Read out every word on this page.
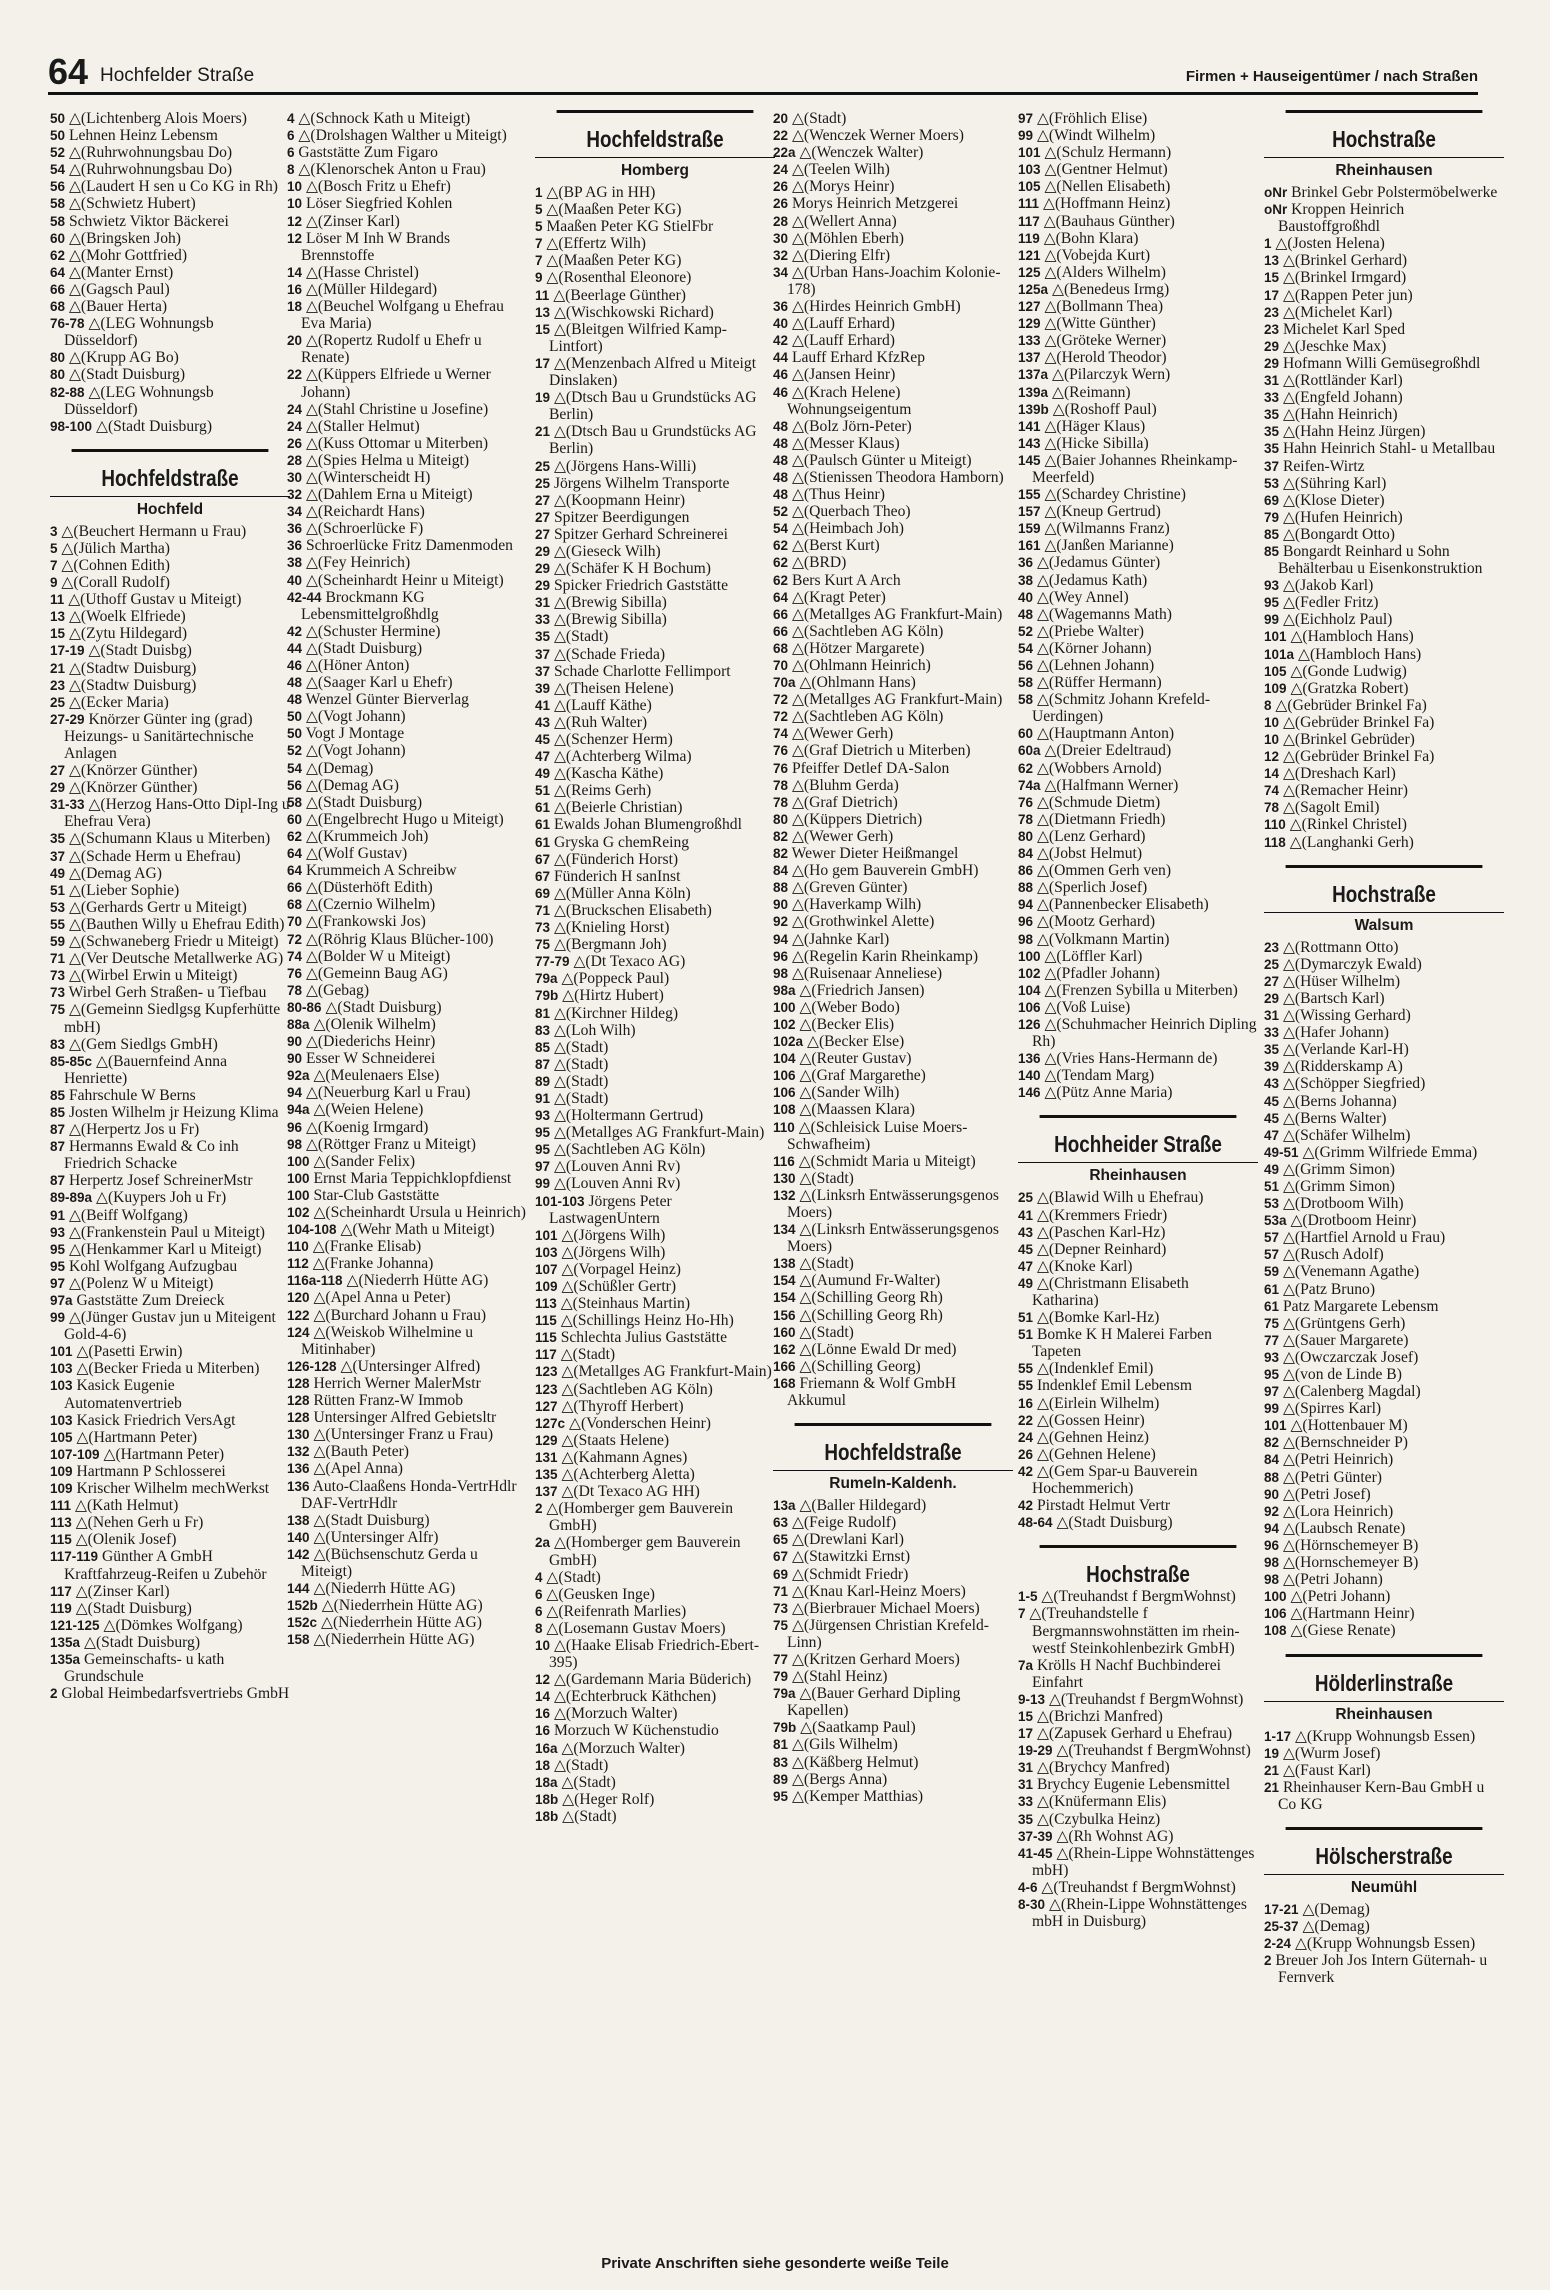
64 Hochfelder Straße	Firmen + Hauseigentümer / nach Straßen
50 △(Lichtenberg Alois Moers)
50 Lehnen Heinz Lebensm
52 △(Ruhrwohnungsbau Do)
54 △(Ruhrwohnungsbau Do)
56 △(Laudert H sen u Co KG in Rh)
58 △(Schwietz Hubert)
58 Schwietz Viktor Bäckerei
60 △(Bringsken Joh)
62 △(Mohr Gottfried)
64 △(Manter Ernst)
66 △(Gagsch Paul)
68 △(Bauer Herta)
76-78 △(LEG Wohnungsb Düsseldorf)
80 △(Krupp AG Bo)
80 △(Stadt Duisburg)
82-88 △(LEG Wohnungsb Düsseldorf)
98-100 △(Stadt Duisburg)
Hochfeldstraße
Hochfeld
3 △(Beuchert Hermann u Frau)
5 △(Jülich Martha)
7 △(Cohnen Edith)
9 △(Corall Rudolf)
11 △(Uthoff Gustav u Miteigt)
13 △(Woelk Elfriede)
15 △(Zytu Hildegard)
17-19 △(Stadt Duisbg)
21 △(Stadtw Duisburg)
23 △(Stadtw Duisburg)
25 △(Ecker Maria)
27-29 Knörzer Günter ing (grad) Heizungs- u Sanitärtechnische Anlagen
27 △(Knörzer Günther)
29 △(Knörzer Günther)
31-33 △(Herzog Hans-Otto Dipl-Ing u Ehefrau Vera)
35 △(Schumann Klaus u Miterben)
37 △(Schade Herm u Ehefrau)
49 △(Demag AG)
51 △(Lieber Sophie)
53 △(Gerhards Gertr u Miteigt)
55 △(Bauthen Willy u Ehefrau Edith)
59 △(Schwaneberg Friedr u Miteigt)
71 △(Ver Deutsche Metallwerke AG)
73 △(Wirbel Erwin u Miteigt)
73 Wirbel Gerh Straßen- u Tiefbau
75 △(Gemeinn Siedlgsg Kupferhütte mbH)
83 △(Gem Siedlgs GmbH)
85-85c △(Bauernfeind Anna Henriette)
85 Fahrschule W Berns
85 Josten Wilhelm jr Heizung Klima
87 △(Herpertz Jos u Fr)
87 Hermanns Ewald & Co inh Friedrich Schacke
87 Herpertz Josef SchreinerMstr
89-89a △(Kuypers Joh u Fr)
91 △(Beiff Wolfgang)
93 △(Frankenstein Paul u Miteigt)
95 △(Henkammer Karl u Miteigt)
95 Kohl Wolfgang Aufzugbau
97 △(Polenz W u Miteigt)
97a Gaststätte Zum Dreieck
99 △(Jünger Gustav jun u Miteigent Gold-4-6)
101 △(Pasetti Erwin)
103 △(Becker Frieda u Miterben)
103 Kasick Eugenie Automatenvertrieb
103 Kasick Friedrich VersAgt
105 △(Hartmann Peter)
107-109 △(Hartmann Peter)
109 Hartmann P Schlosserei
109 Krischer Wilhelm mechWerkst
111 △(Kath Helmut)
113 △(Nehen Gerh u Fr)
115 △(Olenik Josef)
117-119 Günther A GmbH Kraftfahrzeug-Reifen u Zubehör
117 △(Zinser Karl)
119 △(Stadt Duisburg)
121-125 △(Dömkes Wolfgang)
135a △(Stadt Duisburg)
135a Gemeinschafts- u kath Grundschule
2 Global Heimbedarfsvertriebs GmbH
4 △(Schnock Kath u Miteigt)
6 △(Drolshagen Walther u Miteigt)
6 Gaststätte Zum Figaro
8 △(Klenorschek Anton u Frau)
10 △(Bosch Fritz u Ehefr)
10 Löser Siegfried Kohlen
12 △(Zinser Karl)
12 Löser M Inh W Brands Brennstoffe
14 △(Hasse Christel)
16 △(Müller Hildegard)
18 △(Beuchel Wolfgang u Ehefrau Eva Maria)
20 △(Ropertz Rudolf u Ehefr u Renate)
22 △(Küppers Elfriede u Werner Johann)
24 △(Stahl Christine u Josefine)
24 △(Staller Helmut)
26 △(Kuss Ottomar u Miterben)
28 △(Spies Helma u Miteigt)
30 △(Winterscheidt H)
32 △(Dahlem Erna u Miteigt)
34 △(Reichardt Hans)
36 △(Schroerlücke F)
36 Schroerlücke Fritz Damenmoden
38 △(Fey Heinrich)
40 △(Scheinhardt Heinr u Miteigt)
42-44 Brockmann KG Lebensmittelgroßhdlg
42 △(Schuster Hermine)
44 △(Stadt Duisburg)
46 △(Höner Anton)
48 △(Saager Karl u Ehefr)
48 Wenzel Günter Bierverlag
50 △(Vogt Johann)
50 Vogt J Montage
52 △(Vogt Johann)
54 △(Demag)
56 △(Demag AG)
58 △(Stadt Duisburg)
60 △(Engelbrecht Hugo u Miteigt)
62 △(Krummeich Joh)
64 △(Wolf Gustav)
64 Krummeich A Schreibw
66 △(Düsterhöft Edith)
68 △(Czernio Wilhelm)
70 △(Frankowski Jos)
72 △(Röhrig Klaus Blücher-100)
74 △(Bolder W u Miteigt)
76 △(Gemeinn Baug AG)
78 △(Gebag)
80-86 △(Stadt Duisburg)
88a △(Olenik Wilhelm)
90 △(Diederichs Heinr)
90 Esser W Schneiderei
92a △(Meulenaers Else)
94 △(Neuerburg Karl u Frau)
94a △(Weien Helene)
96 △(Koenig Irmgard)
98 △(Röttger Franz u Miteigt)
100 △(Sander Felix)
100 Ernst Maria Teppichklopfdienst
100 Star-Club Gaststätte
102 △(Scheinhardt Ursula u Heinrich)
104-108 △(Wehr Math u Miteigt)
110 △(Franke Elisab)
112 △(Franke Johanna)
116a-118 △(Niederrh Hütte AG)
120 △(Apel Anna u Peter)
122 △(Burchard Johann u Frau)
124 △(Weiskob Wilhelmine u Mitinhaber)
126-128 △(Untersinger Alfred)
128 Herrich Werner MalerMstr
128 Rütten Franz-W Immob
128 Untersinger Alfred Gebietsltr
130 △(Untersinger Franz u Frau)
132 △(Bauth Peter)
136 △(Apel Anna)
136 Auto-Claaßens Honda-VertrHdlr DAF-VertrHdlr
138 △(Stadt Duisburg)
140 △(Untersinger Alfr)
142 △(Büchsenschutz Gerda u Miteigt)
144 △(Niederrh Hütte AG)
152b △(Niederrhein Hütte AG)
152c △(Niederrhein Hütte AG)
158 △(Niederrhein Hütte AG)
Hochfeldstraße
Homberg
1 △(BP AG in HH)
5 △(Maaßen Peter KG)
5 Maaßen Peter KG StielFbr
7 △(Effertz Wilh)
7 △(Maaßen Peter KG)
9 △(Rosenthal Eleonore)
11 △(Beerlage Günther)
13 △(Wischkowski Richard)
15 △(Bleitgen Wilfried Kamp-Lintfort)
17 △(Menzenbach Alfred u Miteigt Dinslaken)
19 △(Dtsch Bau u Grundstücks AG Berlin)
21 △(Dtsch Bau u Grundstücks AG Berlin)
25 △(Jörgens Hans-Willi)
25 Jörgens Wilhelm Transporte
27 △(Koopmann Heinr)
27 Spitzer Beerdigungen
27 Spitzer Gerhard Schreinerei
29 △(Gieseck Wilh)
29 △(Schäfer K H Bochum)
29 Spicker Friedrich Gaststätte
31 △(Brewig Sibilla)
33 △(Brewig Sibilla)
35 △(Stadt)
37 △(Schade Frieda)
37 Schade Charlotte Fellimport
39 △(Theisen Helene)
41 △(Lauff Käthe)
43 △(Ruh Walter)
45 △(Schenzer Herm)
47 △(Achterberg Wilma)
49 △(Kascha Käthe)
51 △(Reims Gerh)
61 △(Beierle Christian)
61 Ewalds Johan Blumengroßhdl
61 Gryska G chemReing
67 △(Fünderich Horst)
67 Fünderich H sanInst
69 △(Müller Anna Köln)
71 △(Bruckschen Elisabeth)
73 △(Knieling Horst)
75 △(Bergmann Joh)
77-79 △(Dt Texaco AG)
79a △(Poppeck Paul)
79b △(Hirtz Hubert)
81 △(Kirchner Hildeg)
83 △(Loh Wilh)
85 △(Stadt)
87 △(Stadt)
89 △(Stadt)
91 △(Stadt)
93 △(Holtermann Gertrud)
95 △(Metallges AG Frankfurt-Main)
95 △(Sachtleben AG Köln)
97 △(Louven Anni Rv)
99 △(Louven Anni Rv)
101-103 Jörgens Peter LastwagenUntern
101 △(Jörgens Wilh)
103 △(Jörgens Wilh)
107 △(Vorpagel Heinz)
109 △(Schüßler Gertr)
113 △(Steinhaus Martin)
115 △(Schillings Heinz Ho-Hh)
115 Schlechta Julius Gaststätte
117 △(Stadt)
123 △(Metallges AG Frankfurt-Main)
123 △(Sachtleben AG Köln)
127 △(Thyroff Herbert)
127c △(Vonderschen Heinr)
129 △(Staats Helene)
131 △(Kahmann Agnes)
135 △(Achterberg Aletta)
137 △(Dt Texaco AG HH)
2 △(Homberger gem Bauverein GmbH)
2a △(Homberger gem Bauverein GmbH)
4 △(Stadt)
6 △(Geusken Inge)
6 △(Reifenrath Marlies)
8 △(Losemann Gustav Moers)
10 △(Haake Elisab Friedrich-Ebert-395)
12 △(Gardemann Maria Büderich)
14 △(Echterbruck Käthchen)
16 △(Morzuch Walter)
16 Morzuch W Küchenstudio
16a △(Morzuch Walter)
18 △(Stadt)
18a △(Stadt)
18b △(Heger Rolf)
18b △(Stadt)
20 △(Stadt)
22 △(Wenczek Werner Moers)
22a △(Wenczek Walter)
24 △(Teelen Wilh)
26 △(Morys Heinr)
26 Morys Heinrich Metzgerei
28 △(Wellert Anna)
30 △(Möhlen Eberh)
32 △(Diering Elfr)
34 △(Urban Hans-Joachim Kolonie-178)
36 △(Hirdes Heinrich GmbH)
40 △(Lauff Erhard)
42 △(Lauff Erhard)
44 Lauff Erhard KfzRep
46 △(Jansen Heinr)
46 △(Krach Helene) Wohnungseigentum
48 △(Bolz Jörn-Peter)
48 △(Messer Klaus)
48 △(Paulsch Günter u Miteigt)
48 △(Stienissen Theodora Hamborn)
48 △(Thus Heinr)
52 △(Querbach Theo)
54 △(Heimbach Joh)
62 △(Berst Kurt)
62 △(BRD)
62 Bers Kurt A Arch
64 △(Kragt Peter)
66 △(Metallges AG Frankfurt-Main)
66 △(Sachtleben AG Köln)
68 △(Hötzer Margarete)
70 △(Ohlmann Heinrich)
70a △(Ohlmann Hans)
72 △(Metallges AG Frankfurt-Main)
72 △(Sachtleben AG Köln)
74 △(Wewer Gerh)
76 △(Graf Dietrich u Miterben)
76 Pfeiffer Detlef DA-Salon
78 △(Bluhm Gerda)
78 △(Graf Dietrich)
80 △(Küppers Dietrich)
82 △(Wewer Gerh)
82 Wewer Dieter Heißmangel
84 △(Ho gem Bauverein GmbH)
88 △(Greven Günter)
90 △(Haverkamp Wilh)
92 △(Grothwinkel Alette)
94 △(Jahnke Karl)
96 △(Regelin Karin Rheinkamp)
98 △(Ruisenaar Anneliese)
98a △(Friedrich Jansen)
100 △(Weber Bodo)
102 △(Becker Elis)
102a △(Becker Else)
104 △(Reuter Gustav)
106 △(Graf Margarethe)
106 △(Sander Wilh)
108 △(Maassen Klara)
110 △(Schleisick Luise Moers-Schwafheim)
116 △(Schmidt Maria u Miteigt)
130 △(Stadt)
132 △(Linksrh Entwässerungsgenos Moers)
134 △(Linksrh Entwässerungsgenos Moers)
138 △(Stadt)
154 △(Aumund Fr-Walter)
154 △(Schilling Georg Rh)
156 △(Schilling Georg Rh)
160 △(Stadt)
162 △(Lönne Ewald Dr med)
166 △(Schilling Georg)
168 Friemann & Wolf GmbH Akkumul
Hochfeldstraße
Rumeln-Kaldenh.
13a △(Baller Hildegard)
63 △(Feige Rudolf)
65 △(Drewlani Karl)
67 △(Stawitzki Ernst)
69 △(Schmidt Friedr)
71 △(Knau Karl-Heinz Moers)
73 △(Bierbrauer Michael Moers)
75 △(Jürgensen Christian Krefeld-Linn)
77 △(Kritzen Gerhard Moers)
79 △(Stahl Heinz)
79a △(Bauer Gerhard Dipling Kapellen)
79b △(Saatkamp Paul)
81 △(Gils Wilhelm)
83 △(Käßberg Helmut)
89 △(Bergs Anna)
95 △(Kemper Matthias)
97 △(Fröhlich Elise)
99 △(Windt Wilhelm)
101 △(Schulz Hermann)
103 △(Gentner Helmut)
105 △(Nellen Elisabeth)
111 △(Hoffmann Heinz)
117 △(Bauhaus Günther)
119 △(Bohn Klara)
121 △(Vobejda Kurt)
125 △(Alders Wilhelm)
125a △(Benedeus Irmg)
127 △(Bollmann Thea)
129 △(Witte Günther)
133 △(Gröteke Werner)
137 △(Herold Theodor)
137a △(Pilarczyk Wern)
139a △(Reimann)
139b △(Roshoff Paul)
141 △(Häger Klaus)
143 △(Hicke Sibilla)
145 △(Baier Johannes Rheinkamp-Meerfeld)
155 △(Schardey Christine)
157 △(Kneup Gertrud)
159 △(Wilmanns Franz)
161 △(Janßen Marianne)
36 △(Jedamus Günter)
38 △(Jedamus Kath)
40 △(Wey Annel)
48 △(Wagemanns Math)
52 △(Priebe Walter)
54 △(Körner Johann)
56 △(Lehnen Johann)
58 △(Rüffer Hermann)
58 △(Schmitz Johann Krefeld-Uerdingen)
60 △(Hauptmann Anton)
60a △(Dreier Edeltraud)
62 △(Wobbers Arnold)
74a △(Halfmann Werner)
76 △(Schmude Dietm)
78 △(Dietmann Friedh)
80 △(Lenz Gerhard)
84 △(Jobst Helmut)
86 △(Ommen Gerh ven)
88 △(Sperlich Josef)
94 △(Pannenbecker Elisabeth)
96 △(Mootz Gerhard)
98 △(Volkmann Martin)
100 △(Löffler Karl)
102 △(Pfadler Johann)
104 △(Frenzen Sybilla u Miterben)
106 △(Voß Luise)
126 △(Schuhmacher Heinrich Dipling Rh)
136 △(Vries Hans-Hermann de)
140 △(Tendam Marg)
146 △(Pütz Anne Maria)
Hochheider Straße
Rheinhausen
25 △(Blawid Wilh u Ehefrau)
41 △(Kremmers Friedr)
43 △(Paschen Karl-Hz)
45 △(Depner Reinhard)
47 △(Knoke Karl)
49 △(Christmann Elisabeth Katharina)
51 △(Bomke Karl-Hz)
51 Bomke K H Malerei Farben Tapeten
55 △(Indenklef Emil)
55 Indenklef Emil Lebensm
16 △(Eirlein Wilhelm)
22 △(Gossen Heinr)
24 △(Gehnen Heinz)
26 △(Gehnen Helene)
42 △(Gem Spar-u Bauverein Hochemmerich)
42 Pirstadt Helmut Vertr
48-64 △(Stadt Duisburg)
Hochstraße
1-5 △(Treuhandst f BergmWohnst)
7 △(Treuhandstelle f Bergmannswohnstätten im rhein-westf Steinkohlenbezirk GmbH)
7a Krölls H Nachf Buchbinderei Einfahrt
9-13 △(Treuhandst f BergmWohnst)
15 △(Brichzi Manfred)
17 △(Zapusek Gerhard u Ehefrau)
19-29 △(Treuhandst f BergmWohnst)
31 △(Brychcy Manfred)
31 Brychcy Eugenie Lebensmittel
33 △(Knüfermann Elis)
35 △(Czybulka Heinz)
37-39 △(Rh Wohnst AG)
41-45 △(Rhein-Lippe Wohnstättenges mbH)
4-6 △(Treuhandst f BergmWohnst)
8-30 △(Rhein-Lippe Wohnstättenges mbH in Duisburg)
Hochstraße
Rheinhausen
oNr Brinkel Gebr Polstermöbelwerke
oNr Kroppen Heinrich Baustoffgroßhdl
1 △(Josten Helena)
13 △(Brinkel Gerhard)
15 △(Brinkel Irmgard)
17 △(Rappen Peter jun)
23 △(Michelet Karl)
23 Michelet Karl Sped
29 △(Jeschke Max)
29 Hofmann Willi Gemüsegroßhdl
31 △(Rottländer Karl)
33 △(Engfeld Johann)
35 △(Hahn Heinrich)
35 △(Hahn Heinz Jürgen)
35 Hahn Heinrich Stahl- u Metallbau
37 Reifen-Wirtz
53 △(Sühring Karl)
69 △(Klose Dieter)
79 △(Hufen Heinrich)
85 △(Bongardt Otto)
85 Bongardt Reinhard u Sohn Behälterbau u Eisenkonstruktion
93 △(Jakob Karl)
95 △(Fedler Fritz)
99 △(Eichholz Paul)
101 △(Hambloch Hans)
101a △(Hambloch Hans)
105 △(Gonde Ludwig)
109 △(Gratzka Robert)
8 △(Gebrüder Brinkel Fa)
10 △(Gebrüder Brinkel Fa)
10 △(Brinkel Gebrüder)
12 △(Gebrüder Brinkel Fa)
14 △(Dreshach Karl)
74 △(Remacher Heinr)
78 △(Sagolt Emil)
110 △(Rinkel Christel)
118 △(Langhanki Gerh)
Hochstraße
Walsum
23 △(Rottmann Otto)
25 △(Dymarczyk Ewald)
27 △(Hüser Wilhelm)
29 △(Bartsch Karl)
31 △(Wissing Gerhard)
33 △(Hafer Johann)
35 △(Verlande Karl-H)
39 △(Ridderskamp A)
43 △(Schöpper Siegfried)
45 △(Berns Johanna)
45 △(Berns Walter)
47 △(Schäfer Wilhelm)
49-51 △(Grimm Wilfriede Emma)
49 △(Grimm Simon)
51 △(Grimm Simon)
53 △(Drotboom Wilh)
53a △(Drotboom Heinr)
57 △(Hartfiel Arnold u Frau)
57 △(Rusch Adolf)
59 △(Venemann Agathe)
61 △(Patz Bruno)
61 Patz Margarete Lebensm
75 △(Grüntgens Gerh)
77 △(Sauer Margarete)
93 △(Owczarczak Josef)
95 △(von de Linde B)
97 △(Calenberg Magdal)
99 △(Spirres Karl)
101 △(Hottenbauer M)
82 △(Bernschneider P)
84 △(Petri Heinrich)
88 △(Petri Günter)
90 △(Petri Josef)
92 △(Lora Heinrich)
94 △(Laubsch Renate)
96 △(Hörnschemeyer B)
98 △(Hornschemeyer B)
98 △(Petri Johann)
100 △(Petri Johann)
106 △(Hartmann Heinr)
108 △(Giese Renate)
Hölderlinstraße
Rheinhausen
1-17 △(Krupp Wohnungsb Essen)
19 △(Wurm Josef)
21 △(Faust Karl)
21 Rheinhauser Kern-Bau GmbH u Co KG
Hölscherstraße
Neumühl
17-21 △(Demag)
25-37 △(Demag)
2-24 △(Krupp Wohnungsb Essen)
2 Breuer Joh Jos Intern Güternah- u Fernverk
Private Anschriften siehe gesonderte weiße Teile
